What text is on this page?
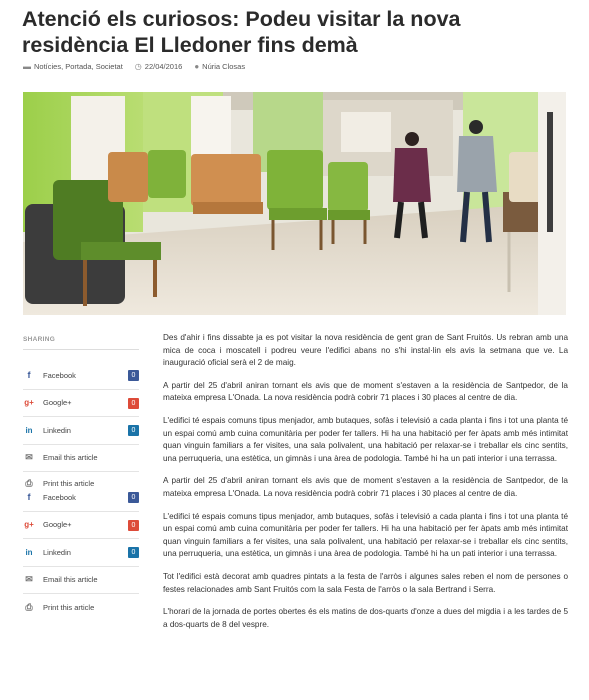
Atenció els curiosos: Podeu visitar la nova residència El Lledoner fins demà
▬ Notícies, Portada, Societat ◷ 22/04/2016 ● Núria Closas
SHARING
f	Facebook	0
g+ Google+	0
in	Linkedin	0
✉ Email this article
⎙	Print this article
f	Facebook	0
g+ Google+	0
in	Linkedin	0
✉ Email this article
⎙	Print this article

Des d'ahir i fins dissabte ja es pot visitar la nova residència de gent gran de Sant Fruitós. Us rebran amb una mica de coca i moscatell i podreu veure l'edifici abans no s'hi instal·lin els avis la setmana que ve. La inauguració oficial serà el 2 de maig.

A partir del 25 d'abril aniran tornant els avis que de moment s'estaven a la residència de Santpedor, de la mateixa empresa L'Onada. La nova residència podrà cobrir 71 places i 30 places al centre de dia.

L'edifici té espais comuns tipus menjador, amb butaques, sofàs i televisió a cada planta i fins i tot una planta té un espai comú amb cuina comunitària per poder fer tallers. Hi ha una habitació per fer àpats amb més intimitat quan vinguin familiars a fer visites, una sala polivalent, una habitació per relaxar-se i treballar els cinc sentits, una perruqueria, una estètica, un gimnàs i una àrea de podologia. També hi ha un pati interior i una terrassa.

A partir del 25 d'abril aniran tornant els avis que de moment s'estaven a la residència de Santpedor, de la mateixa empresa L'Onada. La nova residència podrà cobrir 71 places i 30 places al centre de dia.

L'edifici té espais comuns tipus menjador, amb butaques, sofàs i televisió a cada planta i fins i tot una planta té un espai comú amb cuina comunitària per poder fer tallers. Hi ha una habitació per fer àpats amb més intimitat quan vinguin familiars a fer visites, una sala polivalent, una habitació per relaxar-se i treballar els cinc sentits, una perruqueria, una estètica, un gimnàs i una àrea de podologia. També hi ha un pati interior i una terrassa.

Tot l'edifici està decorat amb quadres pintats a la festa de l'arròs i algunes sales reben el nom de persones o festes relacionades amb Sant Fruitós com la sala Festa de l'arròs o la sala Bertrand i Serra.

L'horari de la jornada de portes obertes és els matins de dos-quarts d'onze a dues del migdia i a les tardes de 5 a dos-quarts de 8 del vespre.
